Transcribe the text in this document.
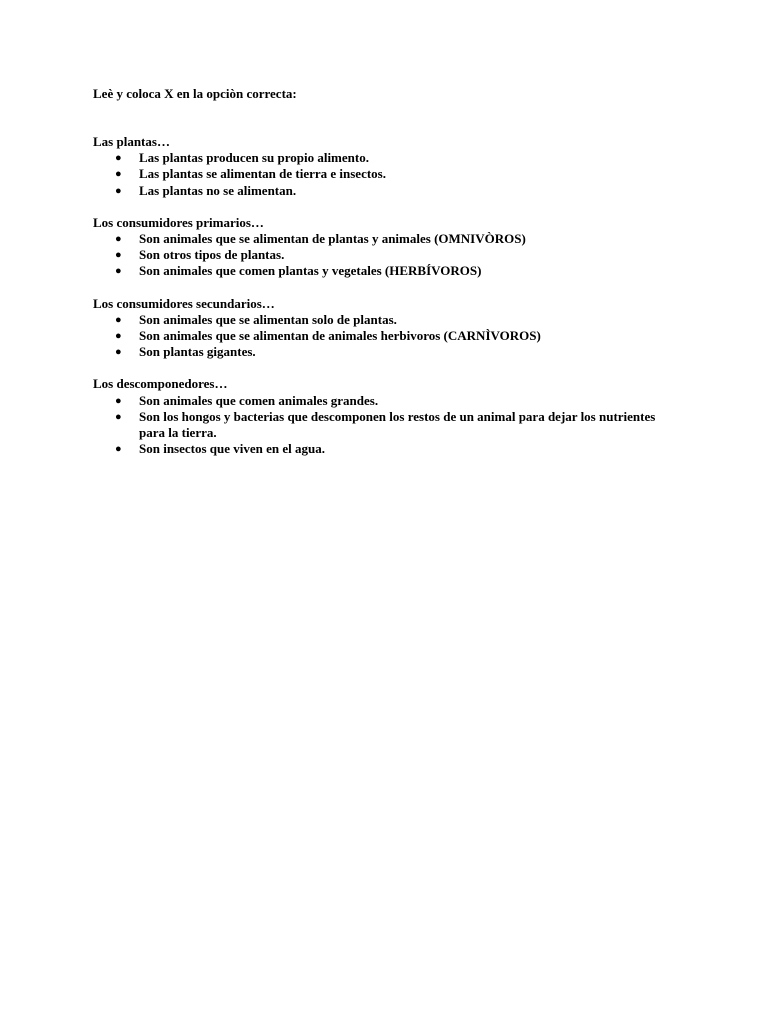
Leè y coloca X en la opciòn correcta:

Las plantas…

●	Las plantas producen su propio alimento.
●	Las plantas se alimentan de tierra e insectos.
●	Las plantas no se alimentan.

Los consumidores primarios…

●	Son animales que se alimentan de plantas y animales (OMNIVÒROS)
●	Son otros tipos de plantas.
●	Son animales que comen plantas y vegetales (HERBÍVOROS)

Los consumidores secundarios…

●	Son animales que se alimentan solo de plantas.
●	Son animales que se alimentan de animales herbivoros (CARNÌVOROS)
●	Son plantas gigantes.

Los descomponedores…

●	Son animales que comen animales grandes.
●	Son los hongos y bacterias que descomponen los restos de un animal para dejar los nutrientes para la tierra.
●	Son insectos que viven en el agua.
